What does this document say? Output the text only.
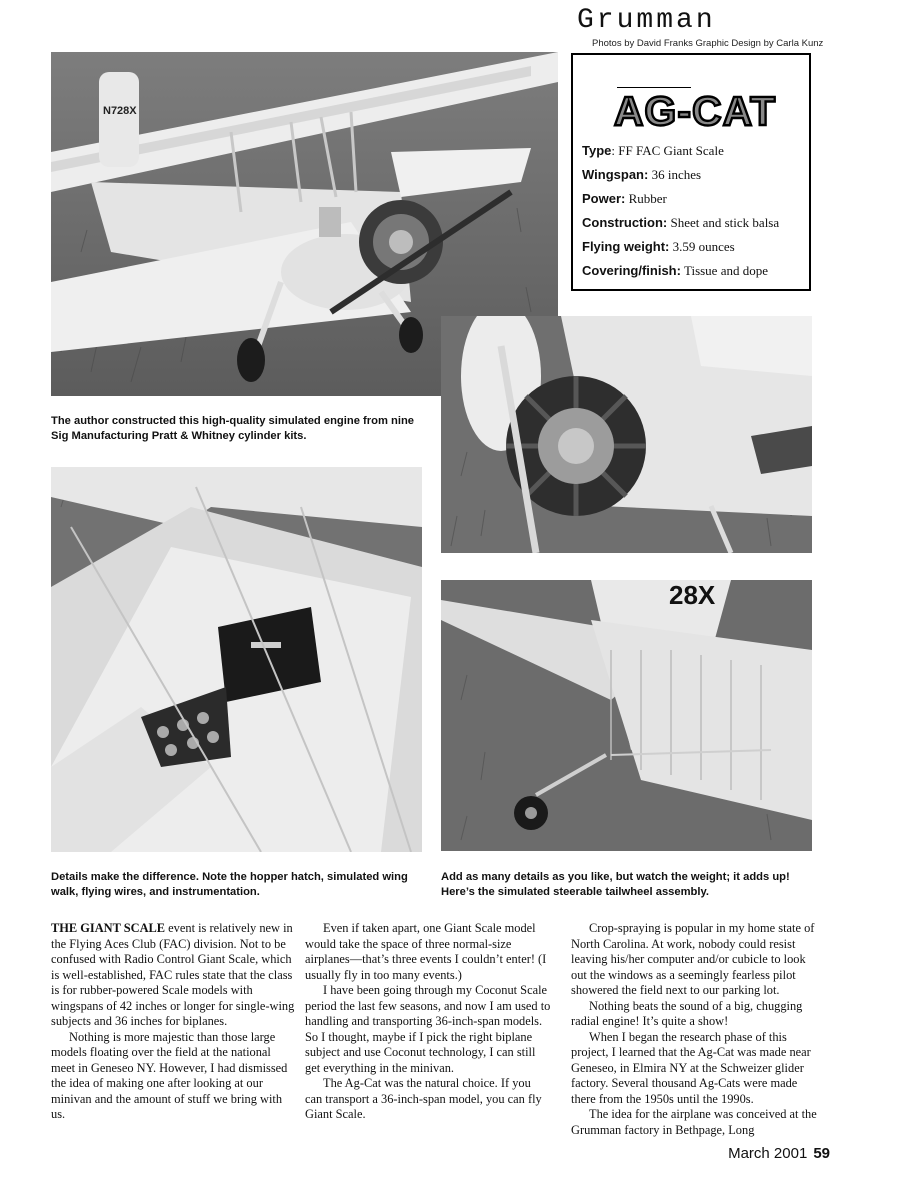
Grumman
Photos by David Franks Graphic Design by Carla Kunz
N728X	AG-CAT
Type: FF FAC Giant Scale
Wingspan: 36 inches
Power: Rubber
Construction: Sheet and stick balsa
Flying weight: 3.59 ounces
Covering/finish: Tissue and dope
The author constructed this high-quality simulated engine from nine Sig Manufacturing Pratt & Whitney cylinder kits.
28X
Details make the difference. Note the hopper hatch, simulated wing walk, flying wires, and instrumentation.
Add as many details as you like, but watch the weight; it adds up! Here’s the simulated steerable tailwheel assembly.

THE GIANT SCALE event is relatively new in the Flying Aces Club (FAC) division. Not to be confused with Radio Control Giant Scale, which is well-established, FAC rules state that the class is for rubber-powered Scale models with wingspans of 42 inches or longer for single-wing subjects and 36 inches for biplanes.

Nothing is more majestic than those large models floating over the field at the national meet in Geneseo NY. However, I had dismissed the idea of making one after looking at our minivan and the amount of stuff we bring with us.

Even if taken apart, one Giant Scale model would take the space of three normal-size airplanes—that’s three events I couldn’t enter! (I usually fly in too many events.)

I have been going through my Coconut Scale period the last few seasons, and now I am used to handling and transporting 36-inch-span models. So I thought, maybe if I pick the right biplane subject and use Coconut technology, I can still get everything in the minivan.

The Ag-Cat was the natural choice. If you can transport a 36-inch-span model, you can fly Giant Scale.

Crop-spraying is popular in my home state of North Carolina. At work, nobody could resist leaving his/her computer and/or cubicle to look out the windows as a seemingly fearless pilot showered the field next to our parking lot.

Nothing beats the sound of a big, chugging radial engine! It’s quite a show!

When I began the research phase of this project, I learned that the Ag-Cat was made near Geneseo, in Elmira NY at the Schweizer glider factory. Several thousand Ag-Cats were made there from the 1950s until the 1990s.

The idea for the airplane was conceived at the Grumman factory in Bethpage, Long

March 2001 59
